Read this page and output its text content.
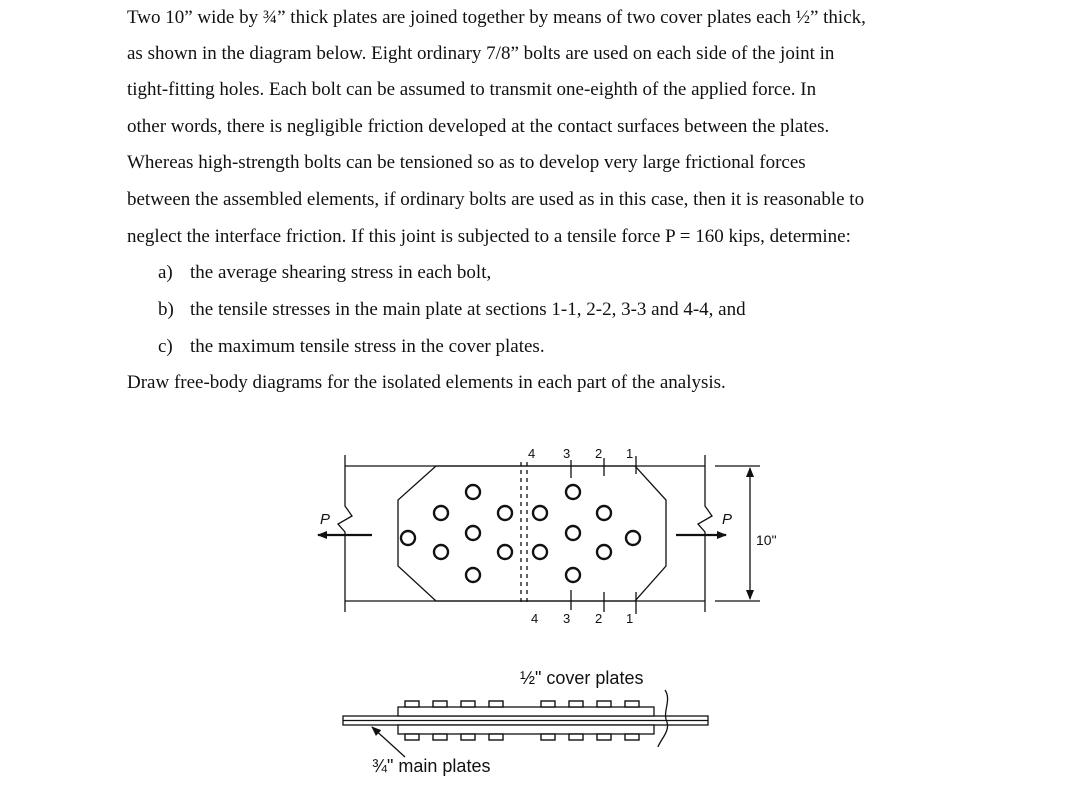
Two 10” wide by ¾” thick plates are joined together by means of two cover plates each ½” thick,
as shown in the diagram below. Eight ordinary 7/8” bolts are used on each side of the joint in
tight-fitting holes. Each bolt can be assumed to transmit one-eighth of the applied force. In
other words, there is negligible friction developed at the contact surfaces between the plates.
Whereas high-strength bolts can be tensioned so as to develop very large frictional forces
between the assembled elements, if ordinary bolts are used as in this case, then it is reasonable to
neglect the interface friction. If this joint is subjected to a tensile force P = 160 kips, determine:
a) the average shearing stress in each bolt,
b) the tensile stresses in the main plate at sections 1-1, 2-2, 3-3 and 4-4, and
c) the maximum tensile stress in the cover plates.
Draw free-body diagrams for the isolated elements in each part of the analysis.
4 3 2 1
4 3 2 1
P	P
10"
½" cover plates
¾" main plates
